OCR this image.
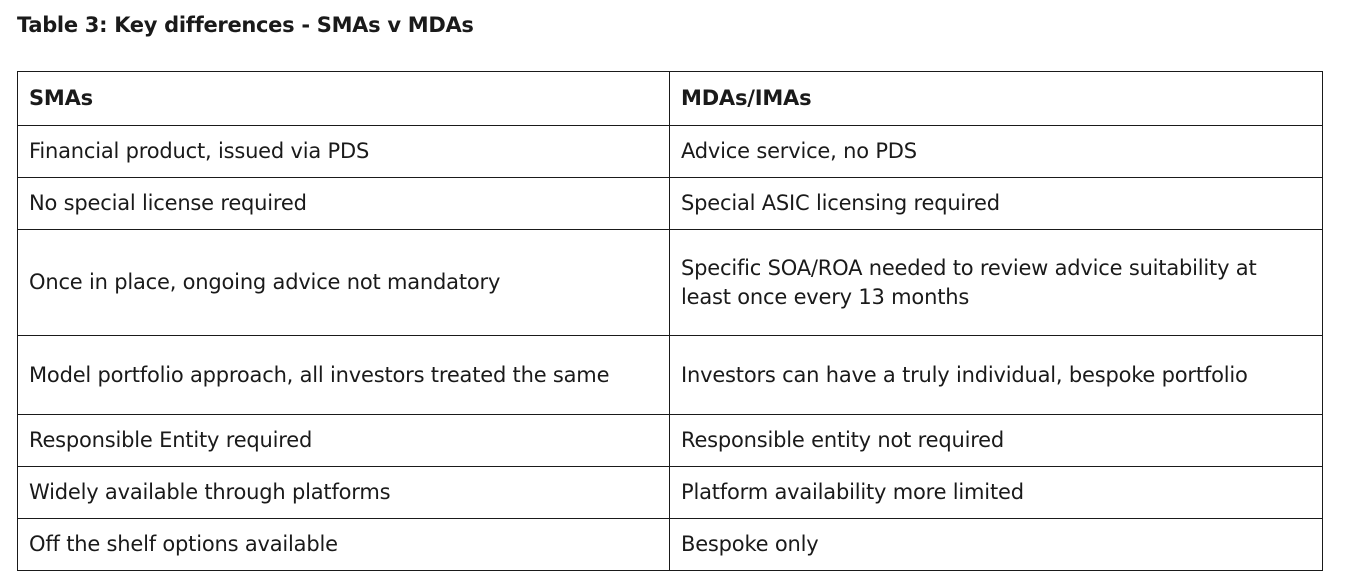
Table 3: Key differences - SMAs v MDAs
SMAs	MDAs/IMAs
Financial product, issued via PDS	Advice service, no PDS
No special license required	Special ASIC licensing required
Once in place, ongoing advice not mandatory	Specific SOA/ROA needed to review advice suitability at least once every 13 months
Model portfolio approach, all investors treated the same	Investors can have a truly individual, bespoke portfolio
Responsible Entity required	Responsible entity not required
Widely available through platforms	Platform availability more limited
Off the shelf options available	Bespoke only
